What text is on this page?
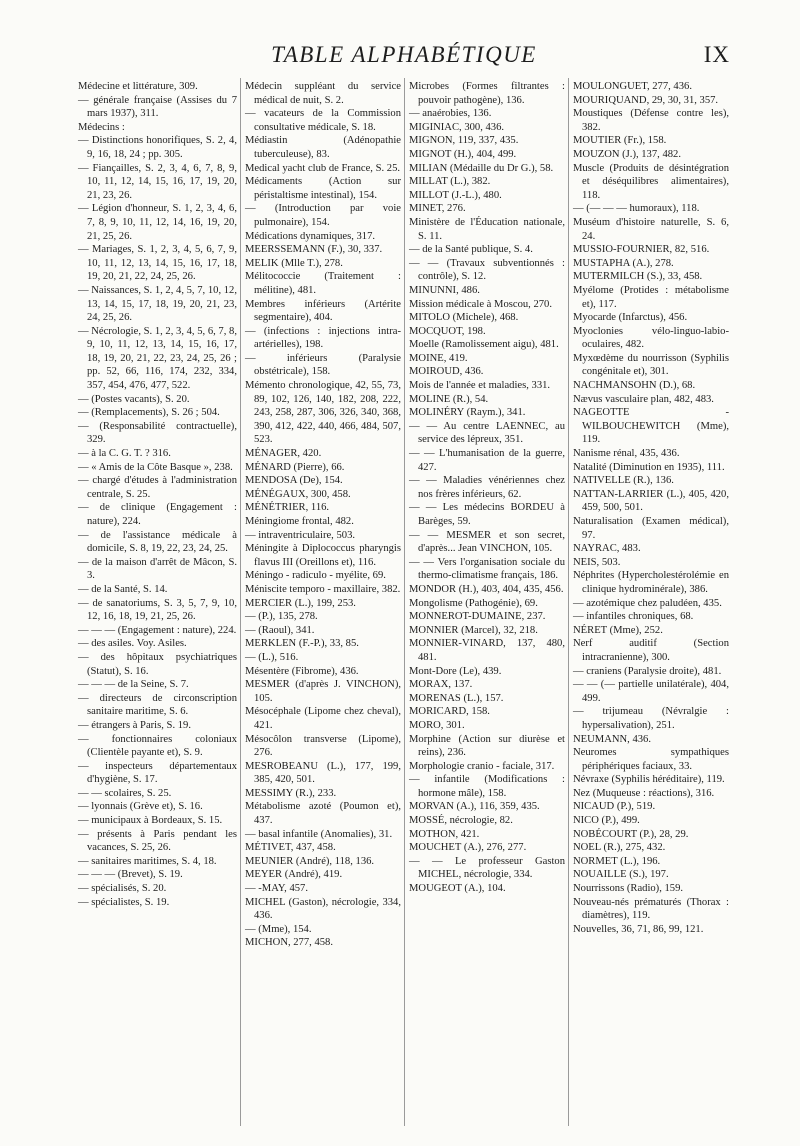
TABLE ALPHABÉTIQUE	IX
Médecine et littérature, 309.
— générale française (Assises du 7 mars 1937), 311.
Médecins :
— Distinctions honorifiques, S. 2, 4, 9, 16, 18, 24 ; pp. 305.
— Fiançailles, S. 2, 3, 4, 6, 7, 8, 9, 10, 11, 12, 14, 15, 16, 17, 19, 20, 21, 23, 26.
— Légion d'honneur, S. 1, 2, 3, 4, 6, 7, 8, 9, 10, 11, 12, 14, 16, 19, 20, 21, 25, 26.
— Mariages, S. 1, 2, 3, 4, 5, 6, 7, 9, 10, 11, 12, 13, 14, 15, 16, 17, 18, 19, 20, 21, 22, 24, 25, 26.
— Naissances, S. 1, 2, 4, 5, 7, 10, 12, 13, 14, 15, 17, 18, 19, 20, 21, 23, 24, 25, 26.
— Nécrologie, S. 1, 2, 3, 4, 5, 6, 7, 8, 9, 10, 11, 12, 13, 14, 15, 16, 17, 18, 19, 20, 21, 22, 23, 24, 25, 26 ; pp. 52, 66, 116, 174, 232, 334, 357, 454, 476, 477, 522.
— (Postes vacants), S. 20.
— (Remplacements), S. 26 ; 504.
— (Responsabilité contractuelle), 329.
— à la C. G. T. ? 316.
— « Amis de la Côte Basque », 238.
— chargé d'études à l'administration centrale, S. 25.
— de clinique (Engagement : nature), 224.
— de l'assistance médicale à domicile, S. 8, 19, 22, 23, 24, 25.
— de la maison d'arrêt de Mâcon, S. 3.
— de la Santé, S. 14.
— de sanatoriums, S. 3, 5, 7, 9, 10, 12, 16, 18, 19, 21, 25, 26.
— — — (Engagement : nature), 224.
— des asiles. Voy. Asiles.
— des hôpitaux psychiatriques (Statut), S. 16.
— — — de la Seine, S. 7.
— directeurs de circonscription sanitaire maritime, S. 6.
— étrangers à Paris, S. 19.
— fonctionnaires coloniaux (Clientèle payante et), S. 9.
— inspecteurs départementaux d'hygiène, S. 17.
— — scolaires, S. 25.
— lyonnais (Grève et), S. 16.
— municipaux à Bordeaux, S. 15.
— présents à Paris pendant les vacances, S. 25, 26.
— sanitaires maritimes, S. 4, 18.
— — — (Brevet), S. 19.
— spécialisés, S. 20.
— spécialistes, S. 19.
Médecin suppléant du service médical de nuit, S. 2.
— vacateurs de la Commission consultative médicale, S. 18.
Médiastin (Adénopathie tuberculeuse), 83.
Medical yacht club de France, S. 25.
Médicaments (Action sur péristaltisme intestinal), 154.
— (Introduction par voie pulmonaire), 154.
Médications dynamiques, 317.
MEERSSEMANN (F.), 30, 337.
MELIK (Mlle T.), 278.
Mélitococcie (Traitement : mélitine), 481.
Membres inférieurs (Artérite segmentaire), 404.
— (infections : injections intra-artérielles), 198.
— inférieurs (Paralysie obstétricale), 158.
Mémento chronologique, 42, 55, 73, 89, 102, 126, 140, 182, 208, 222, 243, 258, 287, 306, 326, 340, 368, 390, 412, 422, 440, 466, 484, 507, 523.
MÉNAGER, 420.
MÉNARD (Pierre), 66.
MENDOSA (De), 154.
MÉNÉGAUX, 300, 458.
MÉNÉTRIER, 116.
Méningiome frontal, 482.
— intraventriculaire, 503.
Méningite à Diplococcus pharyngis flavus III (Oreillons et), 116.
Méningo - radiculo - myélite, 69.
Méniscite temporo - maxillaire, 382.
MERCIER (L.), 199, 253.
— (P.), 135, 278.
— (Raoul), 341.
MERKLEN (F.-P.), 33, 85.
— (L.), 516.
Mésentère (Fibrome), 436.
MESMER (d'après J. VINCHON), 105.
Mésocéphale (Lipome chez cheval), 421.
Mésocôlon transverse (Lipome), 276.
MESROBEANU (L.), 177, 199, 385, 420, 501.
MESSIMY (R.), 233.
Métabolisme azoté (Poumon et), 437.
— basal infantile (Anomalies), 31.
MÉTIVET, 437, 458.
MEUNIER (André), 118, 136.
MEYER (André), 419.
— -MAY, 457.
MICHEL (Gaston), nécrologie, 334, 436.
— (Mme), 154.
MICHON, 277, 458.
Microbes (Formes filtrantes : pouvoir pathogène), 136.
— anaérobies, 136.
MIGINIAC, 300, 436.
MIGNON, 119, 337, 435.
MIGNOT (H.), 404, 499.
MILIAN (Médaille du Dr G.), 58.
MILLAT (L.), 382.
MILLOT (J.-L.), 480.
MINET, 276.
Ministère de l'Éducation nationale, S. 11.
— de la Santé publique, S. 4.
— — (Travaux subventionnés : contrôle), S. 12.
MINUNNI, 486.
Mission médicale à Moscou, 270.
MITOLO (Michele), 468.
MOCQUOT, 198.
Moelle (Ramolissement aigu), 481.
MOINE, 419.
MOIROUD, 436.
Mois de l'année et maladies, 331.
MOLINE (R.), 54.
MOLINÉRY (Raym.), 341.
— — Au centre LAENNEC, au service des lépreux, 351.
— — L'humanisation de la guerre, 427.
— — Maladies vénériennes chez nos frères inférieurs, 62.
— — Les médecins BORDEU à Barèges, 59.
— — MESMER et son secret, d'après... Jean VINCHON, 105.
— — Vers l'organisation sociale du thermo-climatisme français, 186.
MONDOR (H.), 403, 404, 435, 456.
Mongolisme (Pathogénie), 69.
MONNEROT-DUMAINE, 237.
MONNIER (Marcel), 32, 218.
MONNIER-VINARD, 137, 480, 481.
Mont-Dore (Le), 439.
MORAX, 137.
MORENAS (L.), 157.
MORICARD, 158.
MORO, 301.
Morphine (Action sur diurèse et reins), 236.
Morphologie cranio - faciale, 317.
— infantile (Modifications : hormone mâle), 158.
MORVAN (A.), 116, 359, 435.
MOSSÉ, nécrologie, 82.
MOTHON, 421.
MOUCHET (A.), 276, 277.
— — Le professeur Gaston MICHEL, nécrologie, 334.
MOUGEOT (A.), 104.
MOULONGUET, 277, 436.
MOURIQUAND, 29, 30, 31, 357.
Moustiques (Défense contre les), 382.
MOUTIER (Fr.), 158.
MOUZON (J.), 137, 482.
Muscle (Produits de désintégration et déséquilibres alimentaires), 118.
— (— — — humoraux), 118.
Muséum d'histoire naturelle, S. 6, 24.
MUSSIO-FOURNIER, 82, 516.
MUSTAPHA (A.), 278.
MUTERMILCH (S.), 33, 458.
Myélome (Protides : métabolisme et), 117.
Myocarde (Infarctus), 456.
Myoclonies vélo-linguo-labio-oculaires, 482.
Myxœdème du nourrisson (Syphilis congénitale et), 301.
NACHMANSOHN (D.), 68.
Nævus vasculaire plan, 482, 483.
NAGEOTTE - WILBOUCHEWITCH (Mme), 119.
Nanisme rénal, 435, 436.
Natalité (Diminution en 1935), 111.
NATIVELLE (R.), 136.
NATTAN-LARRIER (L.), 405, 420, 459, 500, 501.
Naturalisation (Examen médical), 97.
NAYRAC, 483.
NEIS, 503.
Néphrites (Hypercholestérolémie en clinique hydrominérale), 386.
— azotémique chez paludéen, 435.
— infantiles chroniques, 68.
NÉRET (Mme), 252.
Nerf auditif (Section intracranienne), 300.
— craniens (Paralysie droite), 481.
— — (— partielle unilatérale), 404, 499.
— trijumeau (Névralgie : hypersalivation), 251.
NEUMANN, 436.
Neuromes sympathiques périphériques faciaux, 33.
Névraxe (Syphilis héréditaire), 119.
Nez (Muqueuse : réactions), 316.
NICAUD (P.), 519.
NICO (P.), 499.
NOBÉCOURT (P.), 28, 29.
NOEL (R.), 275, 432.
NORMET (L.), 196.
NOUAILLE (S.), 197.
Nourrissons (Radio), 159.
Nouveau-nés prématurés (Thorax : diamètres), 119.
Nouvelles, 36, 71, 86, 99, 121.
